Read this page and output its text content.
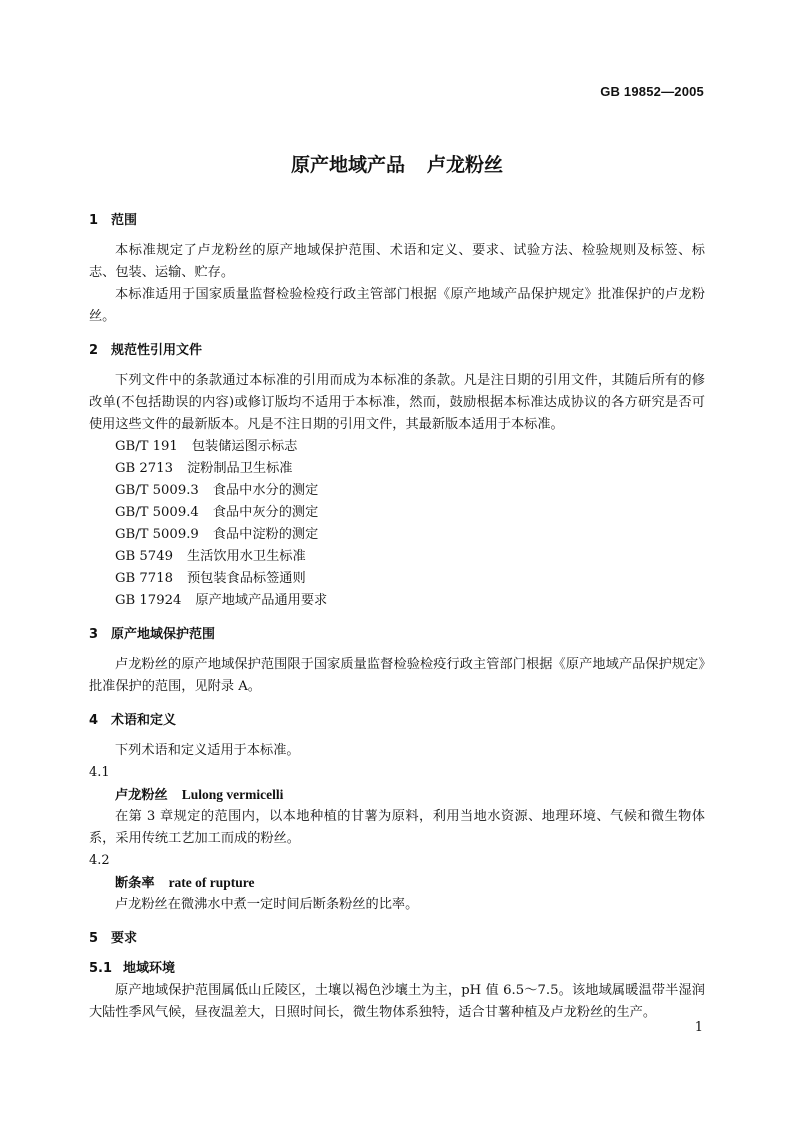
GB 19852—2005
原产地域产品 卢龙粉丝
1 范围

本标准规定了卢龙粉丝的原产地域保护范围、术语和定义、要求、试验方法、检验规则及标签、标志、包装、运输、贮存。

本标准适用于国家质量监督检验检疫行政主管部门根据《原产地域产品保护规定》批准保护的卢龙粉丝。

2 规范性引用文件

下列文件中的条款通过本标准的引用而成为本标准的条款。凡是注日期的引用文件，其随后所有的修改单(不包括勘误的内容)或修订版均不适用于本标准，然而，鼓励根据本标准达成协议的各方研究是否可使用这些文件的最新版本。凡是不注日期的引用文件，其最新版本适用于本标准。

GB/T 191 包装储运图示标志
GB 2713 淀粉制品卫生标准
GB/T 5009.3 食品中水分的测定
GB/T 5009.4 食品中灰分的测定
GB/T 5009.9 食品中淀粉的测定
GB 5749 生活饮用水卫生标准
GB 7718 预包装食品标签通则
GB 17924 原产地域产品通用要求
3 原产地域保护范围

卢龙粉丝的原产地域保护范围限于国家质量监督检验检疫行政主管部门根据《原产地域产品保护规定》批准保护的范围，见附录 A。

4 术语和定义

下列术语和定义适用于本标准。

4.1
卢龙粉丝 Lulong vermicelli

在第 3 章规定的范围内，以本地种植的甘薯为原料，利用当地水资源、地理环境、气候和微生物体系，采用传统工艺加工而成的粉丝。

4.2
断条率 rate of rupture

卢龙粉丝在微沸水中煮一定时间后断条粉丝的比率。

5 要求
5.1 地域环境

原产地域保护范围属低山丘陵区，土壤以褐色沙壤土为主，pH 值 6.5～7.5。该地域属暖温带半湿润大陆性季风气候，昼夜温差大，日照时间长，微生物体系独特，适合甘薯种植及卢龙粉丝的生产。

1
